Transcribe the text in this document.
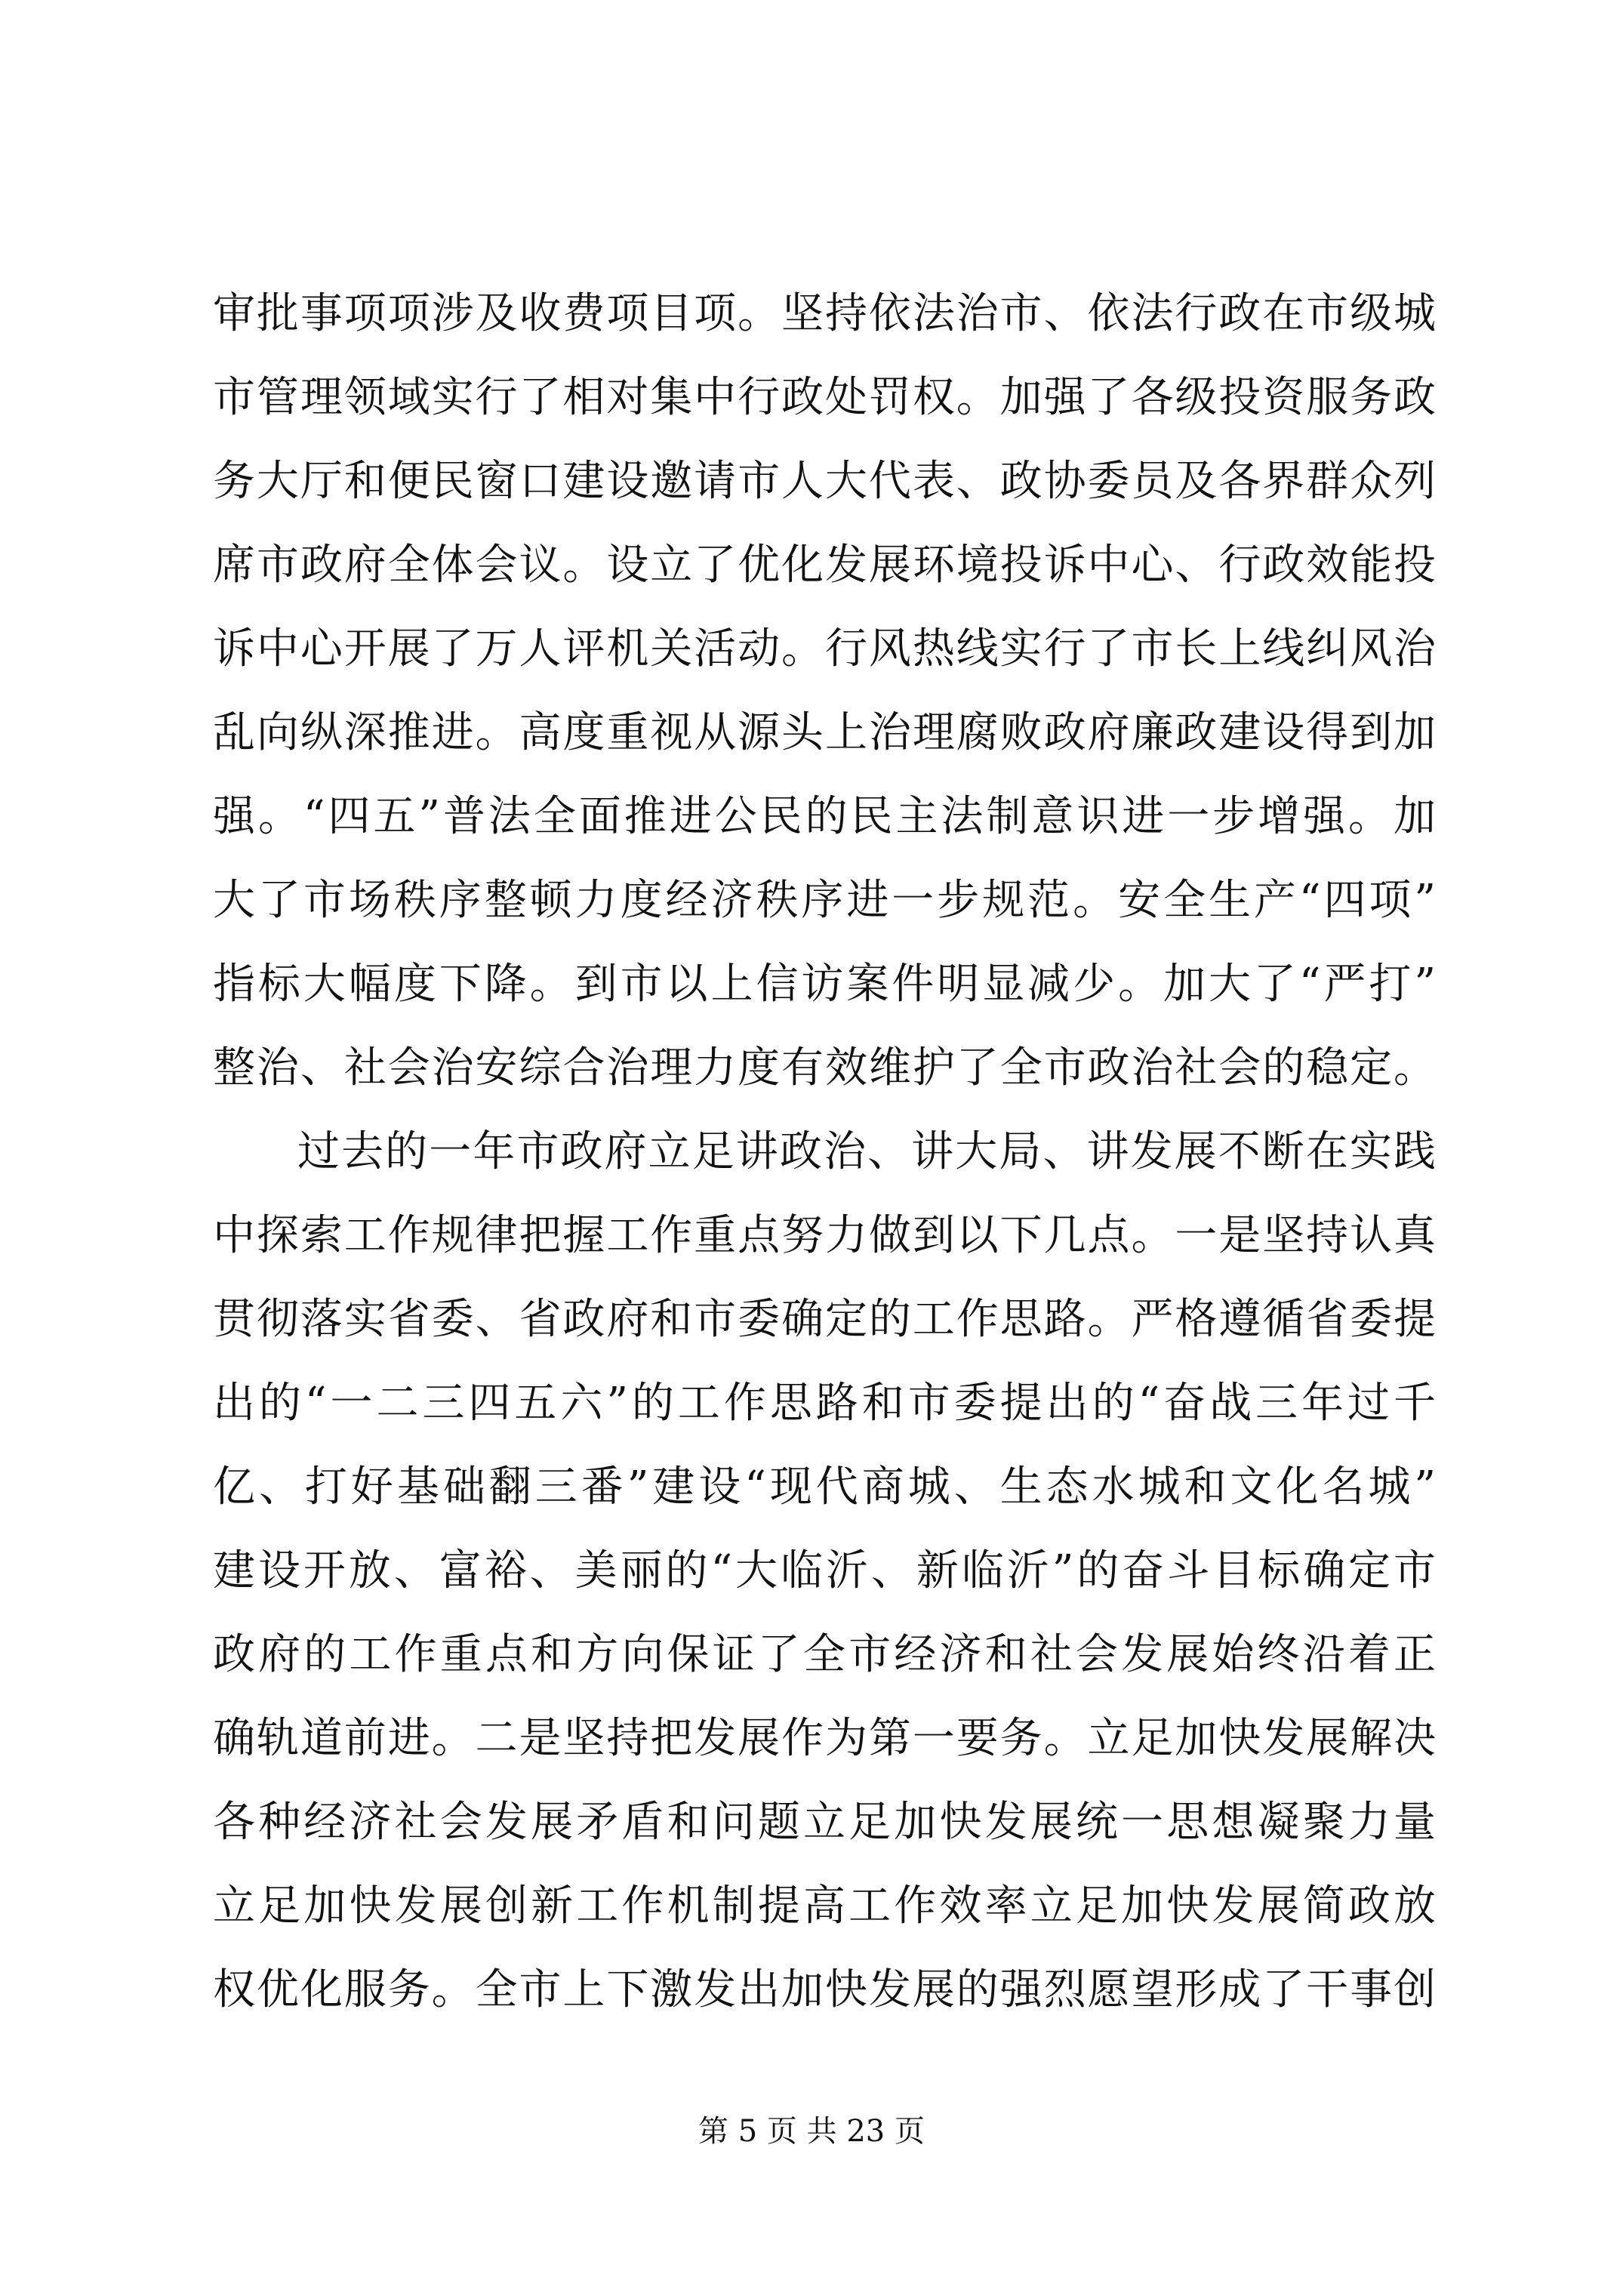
审批事项项涉及收费项目项。坚持依法治市、依法行政在市级城
市管理领域实行了相对集中行政处罚权。加强了各级投资服务政
务大厅和便民窗口建设邀请市人大代表、政协委员及各界群众列
席市政府全体会议。设立了优化发展环境投诉中心、行政效能投
诉中心开展了万人评机关活动。行风热线实行了市长上线纠风治
乱向纵深推进。高度重视从源头上治理腐败政府廉政建设得到加
强。“四五”普法全面推进公民的民主法制意识进一步增强。加
大了市场秩序整顿力度经济秩序进一步规范。安全生产“四项”
指标大幅度下降。到市以上信访案件明显减少。加大了“严打”
整治、社会治安综合治理力度有效维护了全市政治社会的稳定。
过去的一年市政府立足讲政治、讲大局、讲发展不断在实践
中探索工作规律把握工作重点努力做到以下几点。一是坚持认真
贯彻落实省委、省政府和市委确定的工作思路。严格遵循省委提
出的“一二三四五六”的工作思路和市委提出的“奋战三年过千
亿、打好基础翻三番”建设“现代商城、生态水城和文化名城”
建设开放、富裕、美丽的“大临沂、新临沂”的奋斗目标确定市
政府的工作重点和方向保证了全市经济和社会发展始终沿着正
确轨道前进。二是坚持把发展作为第一要务。立足加快发展解决
各种经济社会发展矛盾和问题立足加快发展统一思想凝聚力量
立足加快发展创新工作机制提高工作效率立足加快发展简政放
权优化服务。全市上下激发出加快发展的强烈愿望形成了干事创
第 5 页 共 23 页
